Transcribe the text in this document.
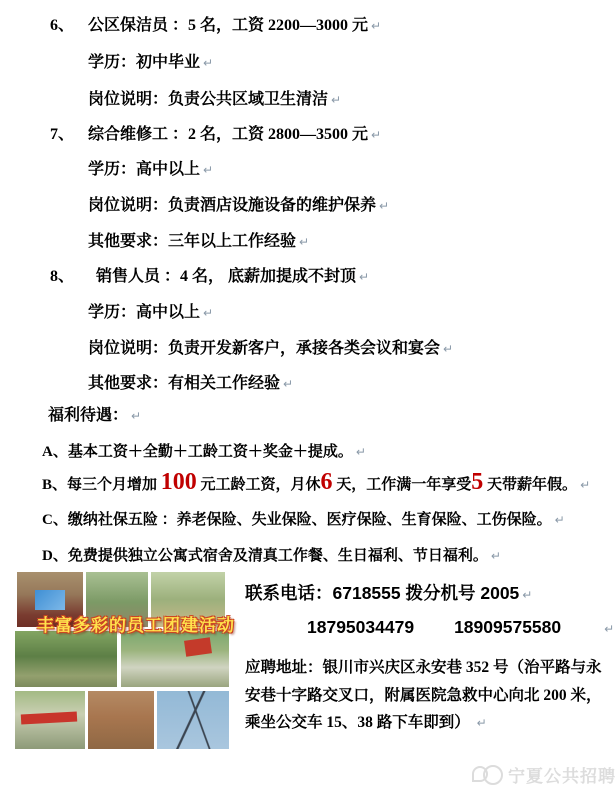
6、 公区保洁员 ：5 名，工资 2200—3000 元 ↵
学历：初中毕业 ↵
岗位说明：负责公共区域卫生清洁 ↵
7、 综合维修工 ：2 名，工资 2800—3500 元 ↵
学历：高中以上 ↵
岗位说明：负责酒店设施设备的维护保养 ↵
其他要求：三年以上工作经验 ↵
8、 销售人员 ：4 名， 底薪加提成不封顶 ↵
学历：高中以上 ↵
岗位说明：负责开发新客户，承接各类会议和宴会 ↵
其他要求：有相关工作经验 ↵
福利待遇： ↵
A、基本工资＋全勤＋工龄工资＋奖金＋提成。 ↵
B、每三个月增加 100 元工龄工资，月休 6 天，工作满一年享受 5 天带薪年假。 ↵
C、缴纳社保五险 ：养老保险、失业保险、医疗保险、生育保险、工伤保险。 ↵
D、免费提供独立公寓式宿舍及清真工作餐、生日福利、节日福利。 ↵
丰富多彩的员工团建活动
联系电话：6718555 拨分机号 2005 ↵
18795034479 18909575580	↵
应聘地址：银川市兴庆区永安巷 352 号（治平路与永安巷十字路交叉口，附属医院急救中心向北 200 米，乘坐公交车 15、38 路下车即到） ↵
宁夏公共招聘
